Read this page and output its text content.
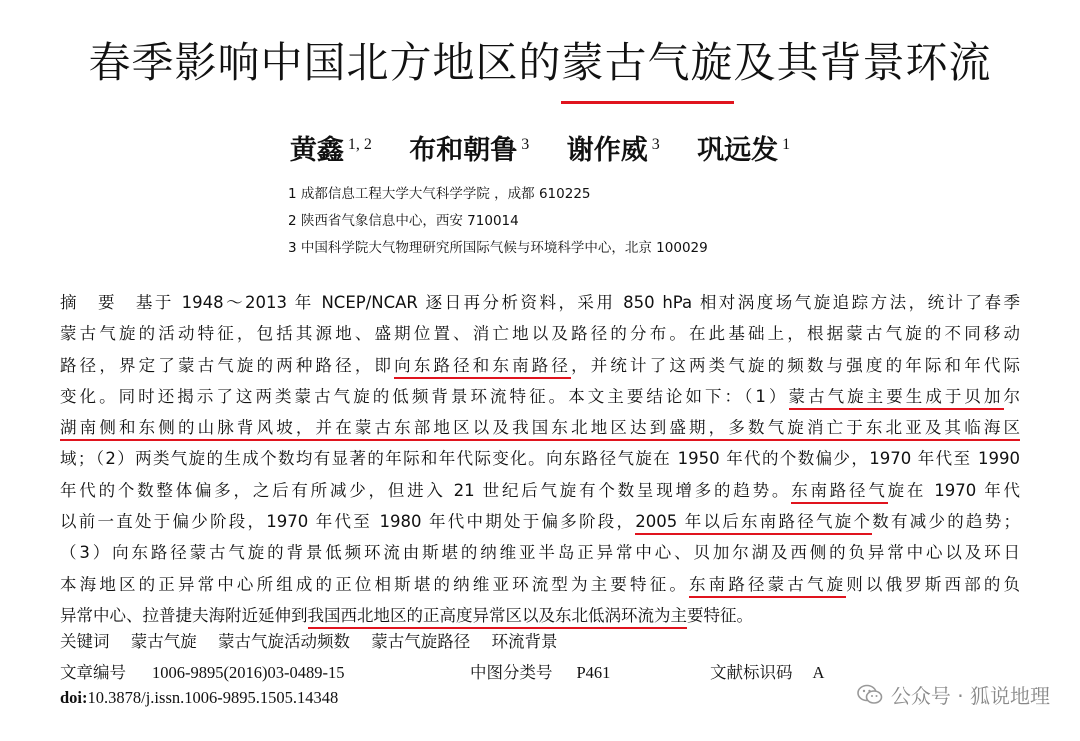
春季影响中国北方地区的蒙古气旋及其背景环流
黄鑫 $^{1, 2}$ 布和朝鲁 $^3$ 谢作威 $^3$ 巩远发 $^1$
1 成都信息工程大学大气科学学院 ，成都 610225
2 陕西省气象信息中心，西安 710014
3 中国科学院大气物理研究所国际气候与环境科学中心，北京 100029
摘　要　基于 1948～2013 年 NCEP/NCAR 逐日再分析资料，采用 850 hPa 相对涡度场气旋追踪方法，统计了春季
蒙古气旋的活动特征，包括其源地、盛期位置、消亡地以及路径的分布。在此基础上，根据蒙古气旋的不同移动
路径，界定了蒙古气旋的两种路径，即向东路径和东南路径，并统计了这两类气旋的频数与强度的年际和年代际
变化。同时还揭示了这两类蒙古气旋的低频背景环流特征。本文主要结论如下：（1）蒙古气旋主要生成于贝加尔
湖南侧和东侧的山脉背风坡，并在蒙古东部地区以及我国东北地区达到盛期，多数气旋消亡于东北亚及其临海区
域；（2）两类气旋的生成个数均有显著的年际和年代际变化。向东路径气旋在 1950 年代的个数偏少，1970 年代至 1990
年代的个数整体偏多，之后有所减少，但进入 21 世纪后气旋有个数呈现增多的趋势。东南路径气旋在 1970 年代
以前一直处于偏少阶段，1970 年代至 1980 年代中期处于偏多阶段，2005 年以后东南路径气旋个数有减少的趋势；
（3）向东路径蒙古气旋的背景低频环流由斯堪的纳维亚半岛正异常中心、贝加尔湖及西侧的负异常中心以及环日
本海地区的正异常中心所组成的正位相斯堪的纳维亚环流型为主要特征。东南路径蒙古气旋则以俄罗斯西部的负
异常中心、拉普捷夫海附近延伸到我国西北地区的正高度异常区以及东北低涡环流为主要特征。
关键词 蒙古气旋 蒙古气旋活动频数 蒙古气旋路径 环流背景
文章编号 1006-9895(2016)03-0489-15	中图分类号 P461	文献标识码 A
doi:10.3878/j.issn.1006-9895.1505.14348	公众号 · 狐说地理
